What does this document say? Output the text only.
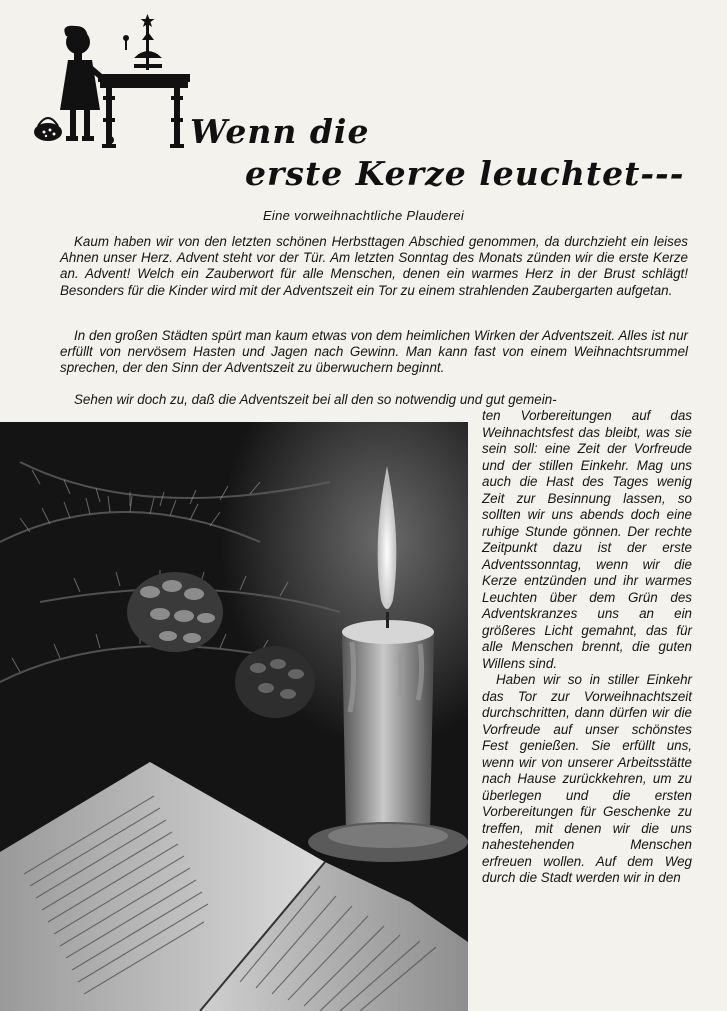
Wenn die
erste Kerze leuchtet---
Eine vorweihnachtliche Plauderei

Kaum haben wir von den letzten schönen Herbsttagen Abschied genommen, da durchzieht ein leises Ahnen unser Herz. Advent steht vor der Tür. Am letzten Sonntag des Monats zünden wir die erste Kerze an. Advent! Welch ein Zauberwort für alle Menschen, denen ein warmes Herz in der Brust schlägt! Besonders für die Kinder wird mit der Adventszeit ein Tor zu einem strahlenden Zaubergarten aufgetan.

In den großen Städten spürt man kaum etwas von dem heimlichen Wirken der Adventszeit. Alles ist nur erfüllt von nervösem Hasten und Jagen nach Gewinn. Man kann fast von einem Weihnachtsrummel sprechen, der den Sinn der Adventszeit zu überwuchern beginnt.

Sehen wir doch zu, daß die Adventszeit bei all den so notwendig und gut gemein-

ten Vorbereitungen auf das Weihnachtsfest das bleibt, was sie sein soll: eine Zeit der Vorfreude und der stillen Einkehr. Mag uns auch die Hast des Tages wenig Zeit zur Besinnung lassen, so sollten wir uns abends doch eine ruhige Stunde gönnen. Der rechte Zeitpunkt dazu ist der erste Adventssonntag, wenn wir die Kerze entzünden und ihr warmes Leuchten über dem Grün des Adventskranzes uns an ein größeres Licht gemahnt, das für alle Menschen brennt, die guten Willens sind.

Haben wir so in stiller Einkehr das Tor zur Vorweihnachtszeit durchschritten, dann dürfen wir die Vorfreude auf unser schönstes Fest genießen. Sie erfüllt uns, wenn wir von unserer Arbeitsstätte nach Hause zurückkehren, um zu überlegen und die ersten Vorbereitungen für Geschenke zu treffen, mit denen wir die uns nahestehenden Menschen erfreuen wollen. Auf dem Weg durch die Stadt werden wir in den
